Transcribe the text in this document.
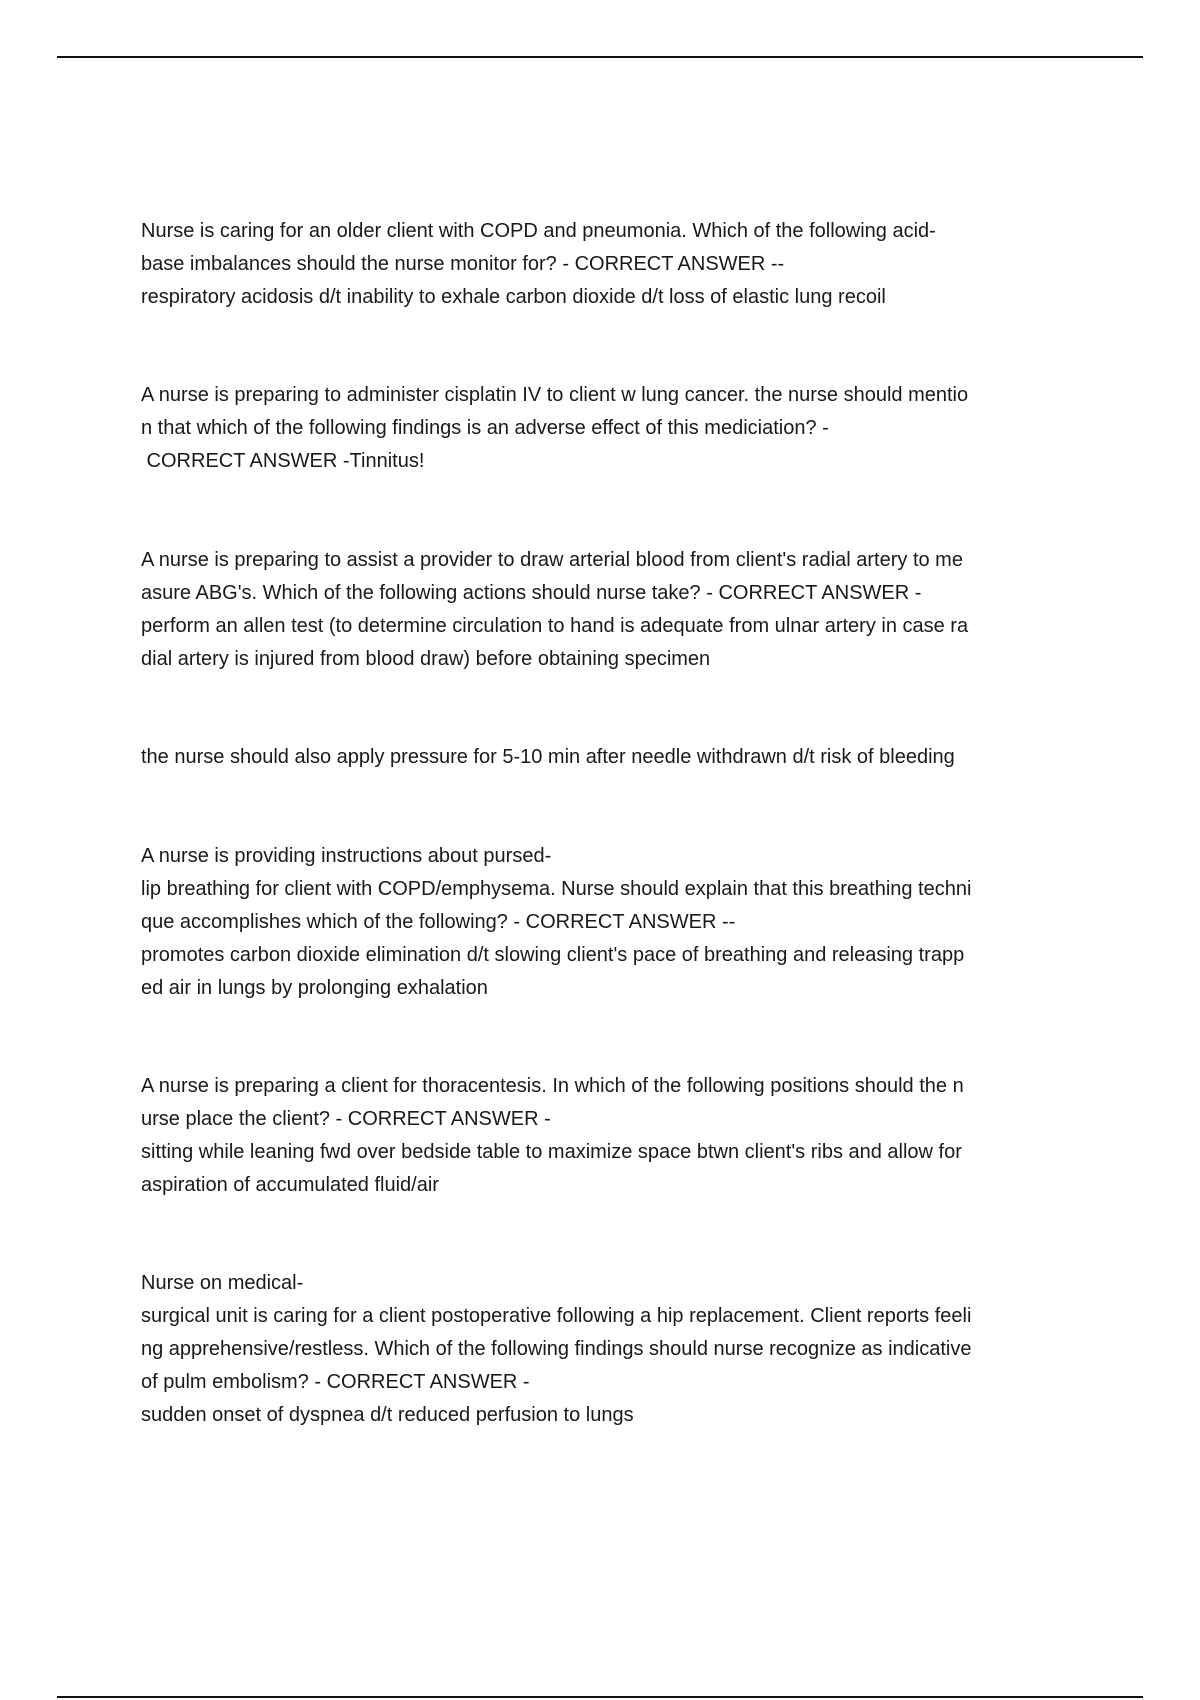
Nurse is caring for an older client with COPD and pneumonia. Which of the following acid-
base imbalances should the nurse monitor for? - CORRECT ANSWER --
respiratory acidosis d/t inability to exhale carbon dioxide d/t loss of elastic lung recoil
A nurse is preparing to administer cisplatin IV to client w lung cancer. the nurse should mentio
n that which of the following findings is an adverse effect of this mediciation? -
CORRECT ANSWER -Tinnitus!
A nurse is preparing to assist a provider to draw arterial blood from client's radial artery to me
asure ABG's. Which of the following actions should nurse take? - CORRECT ANSWER -
perform an allen test (to determine circulation to hand is adequate from ulnar artery in case ra
dial artery is injured from blood draw) before obtaining specimen
the nurse should also apply pressure for 5-10 min after needle withdrawn d/t risk of bleeding
A nurse is providing instructions about pursed-
lip breathing for client with COPD/emphysema. Nurse should explain that this breathing techni
que accomplishes which of the following? - CORRECT ANSWER --
promotes carbon dioxide elimination d/t slowing client's pace of breathing and releasing trapp
ed air in lungs by prolonging exhalation
A nurse is preparing a client for thoracentesis. In which of the following positions should the n
urse place the client? - CORRECT ANSWER -
sitting while leaning fwd over bedside table to maximize space btwn client's ribs and allow for
aspiration of accumulated fluid/air
Nurse on medical-
surgical unit is caring for a client postoperative following a hip replacement. Client reports feeli
ng apprehensive/restless. Which of the following findings should nurse recognize as indicative
of pulm embolism? - CORRECT ANSWER -
sudden onset of dyspnea d/t reduced perfusion to lungs
